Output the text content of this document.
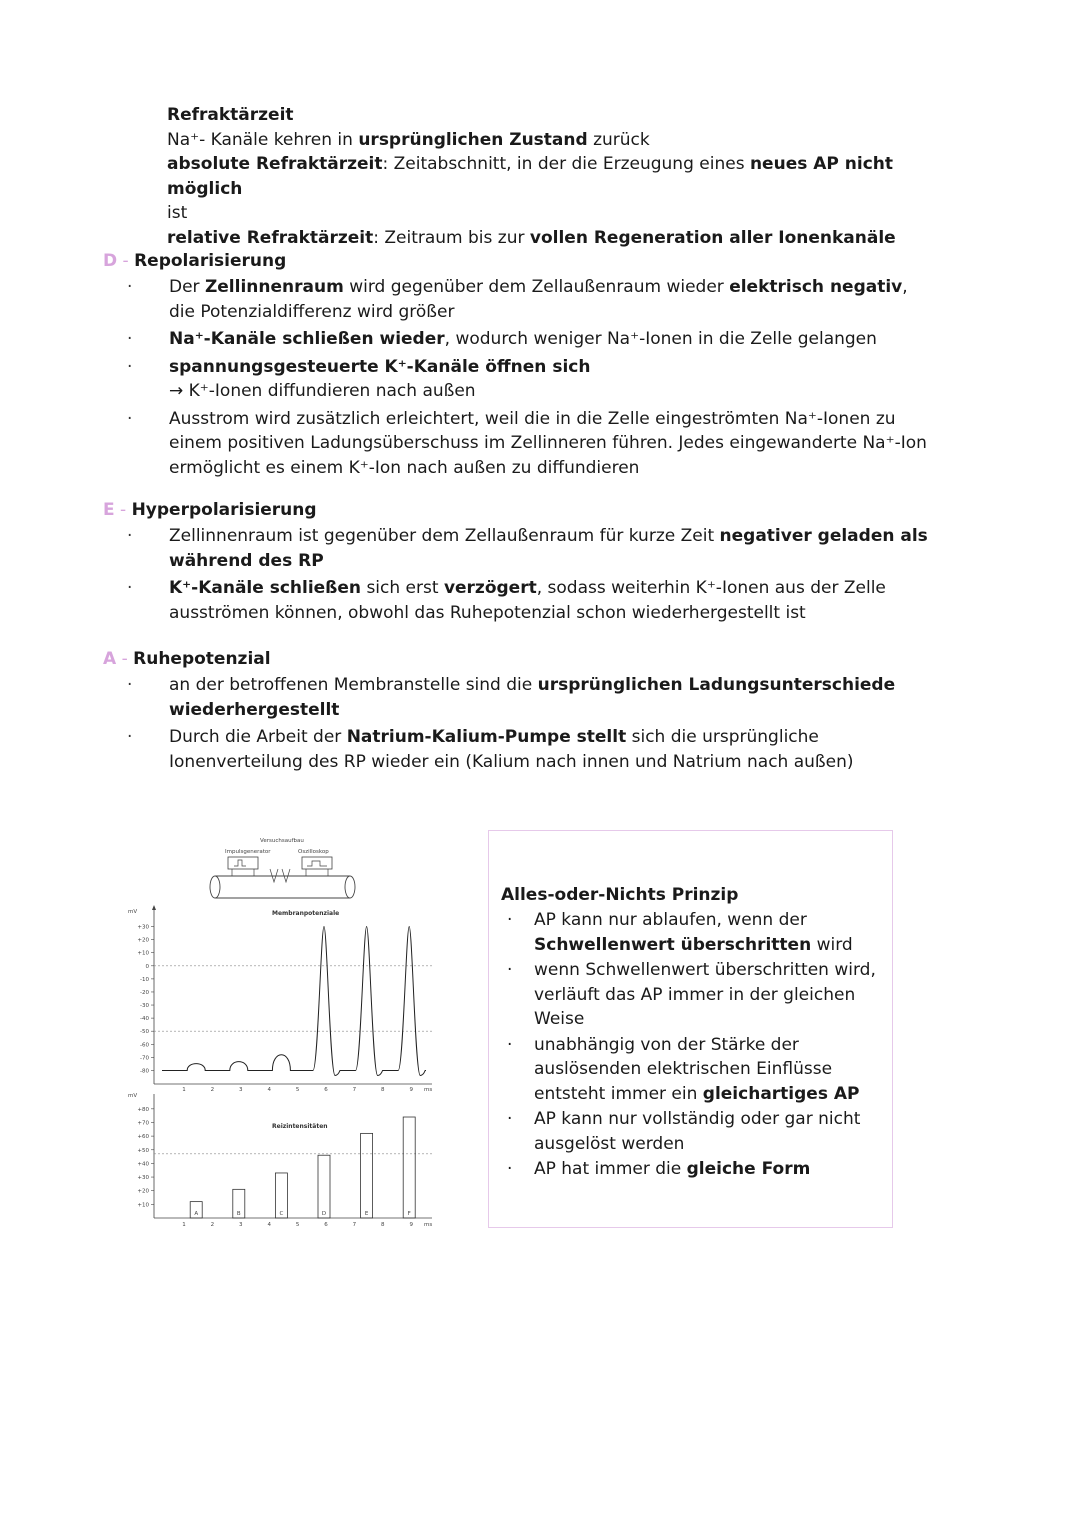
Refraktärzeit

Na⁺- Kanäle kehren in ursprünglichen Zustand zurück

absolute Refraktärzeit: Zeitabschnitt, in der die Erzeugung eines neues AP nicht möglich
ist

relative Refraktärzeit: Zeitraum bis zur vollen Regeneration aller Ionenkanäle

D - Repolarisierung
· Der Zellinnenraum wird gegenüber dem Zellaußenraum wieder elektrisch negativ, die Potenzialdifferenz wird größer
· Na⁺-Kanäle schließen wieder, wodurch weniger Na⁺-Ionen in die Zelle gelangen
· spannungsgesteuerte K⁺-Kanäle öffnen sich
→ K⁺-Ionen diffundieren nach außen
· Ausstrom wird zusätzlich erleichtert, weil die in die Zelle eingeströmten Na⁺-Ionen zu einem positiven Ladungsüberschuss im Zellinneren führen. Jedes eingewanderte Na⁺-Ion ermöglicht es einem K⁺-Ion nach außen zu diffundieren
E - Hyperpolarisierung
· Zellinnenraum ist gegenüber dem Zellaußenraum für kurze Zeit negativer geladen als während des RP
· K⁺-Kanäle schließen sich erst verzögert, sodass weiterhin K⁺-Ionen aus der Zelle ausströmen können, obwohl das Ruhepotenzial schon wiederhergestellt ist
A - Ruhepotenzial
· an der betroffenen Membranstelle sind die ursprünglichen Ladungsunterschiede wiederhergestellt
· Durch die Arbeit der Natrium-Kalium-Pumpe stellt sich die ursprüngliche Ionenverteilung des RP wieder ein (Kalium nach innen und Natrium nach außen)
Versuchsaufbau
Impulsgenerator	Oszilloskop
mV	Membranpotenziale
+30
+20
+10
0
-10
-20
-30
-40
-50
-60
-70
-80
1	2	3	4	5	6	7	8	9 ms
mV
Reizintensitäten
+80
+70
+60
+50
+40
+30
+20
+10
1	2	3	4	5	6	7	8	9 ms
A	B	C	D	E	F
Alles-oder-Nichts Prinzip
· AP kann nur ablaufen, wenn der Schwellenwert überschritten wird
· wenn Schwellenwert überschritten wird, verläuft das AP immer in der gleichen Weise
· unabhängig von der Stärke der auslösenden elektrischen Einflüsse entsteht immer ein gleichartiges AP
· AP kann nur vollständig oder gar nicht ausgelöst werden
· AP hat immer die gleiche Form
